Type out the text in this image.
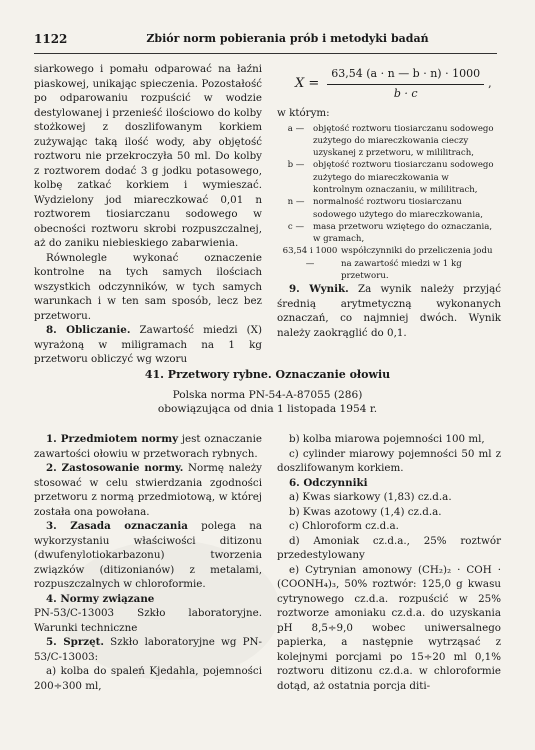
1122	Zbiór norm pobierania prób i metodyki badań

siarkowego i pomału odparować na łaźni piaskowej, unikając spieczenia. Pozostałość po odparowaniu rozpuścić w wodzie destylowanej i przenieść ilościowo do kolby stożkowej z doszlifowanym korkiem zużywając taką ilość wody, aby objętość roztworu nie przekroczyła 50 ml. Do kolby z roztworem dodać 3 g jodku potasowego, kolbę zatkać korkiem i wymieszać. Wydzielony jod miareczkować 0,01 n roztworem tiosiarczanu sodowego w obecności roztworu skrobi rozpuszczalnej, aż do zaniku niebieskiego zabarwienia.

Równolegle wykonać oznaczenie kontrolne na tych samych ilościach wszystkich odczynników, w tych samych warunkach i w ten sam sposób, lecz bez przetworu.

8. Obliczanie. Zawartość miedzi (X) wyrażoną w miligramach na 1 kg przetworu obliczyć wg wzoru

$X = \frac{63,54 (a \cdot n — b \cdot n) \cdot 1000}{b \cdot c}$ ,

w którym:

a —	objętość roztworu tiosiarczanu sodowego zużytego do miareczkowania cieczy uzyskanej z przetworu, w mililitrach,
b — objętość roztworu tiosiarczanu sodowego zużytego do miareczkowania w kontrolnym oznaczaniu, w mililitrach,
n — normalność roztworu tiosiarczanu sodowego użytego do miareczkowania,
c —	masa przetworu wziętego do oznaczania, w gramach,
63,54 i 1000 —
współczynniki do przeliczenia jodu na zawartość miedzi w 1 kg przetworu.

9. Wynik. Za wynik należy przyjąć średnią arytmetyczną wykonanych oznaczań, co najmniej dwóch. Wynik należy zaokrąglić do 0,1.

41. Przetwory rybne. Oznaczanie ołowiu
Polska norma PN-54-A-87055 (286)
obowiązująca od dnia 1 listopada 1954 r.

1. Przedmiotem normy jest oznaczanie zawartości ołowiu w przetworach rybnych.

2. Zastosowanie normy. Normę należy stosować w celu stwierdzania zgodności przetworu z normą przedmiotową, w której została ona powołana.

3. Zasada oznaczania polega na wykorzystaniu właściwości ditizonu (dwufenylotiokarbazonu) tworzenia związków (ditizonianów) z metalami, rozpuszczalnych w chloroformie.

4. Normy związane

PN-53/C-13003 Szkło laboratoryjne. Warunki techniczne

5. Sprzęt. Szkło laboratoryjne wg PN-53/C-13003:

a) kolba do spaleń Kjedahla, pojemności 200÷300 ml,

b) kolba miarowa pojemności 100 ml,

c) cylinder miarowy pojemności 50 ml z doszlifowanym korkiem.

6. Odczynniki

a) Kwas siarkowy (1,83) cz.d.a.

b) Kwas azotowy (1,4) cz.d.a.

c) Chloroform cz.d.a.

d) Amoniak cz.d.a., 25% roztwór przedestylowany

e) Cytrynian amonowy (CH₂)₂ · COH · (COONH₄)₃, 50% roztwór: 125,0 g kwasu cytrynowego cz.d.a. rozpuścić w 25% roztworze amoniaku cz.d.a. do uzyskania pH 8,5÷9,0 wobec uniwersalnego papierka, a następnie wytrząsać z kolejnymi porcjami po 15÷20 ml 0,1% roztworu ditizonu cz.d.a. w chloroformie dotąd, aż ostatnia porcja diti-
